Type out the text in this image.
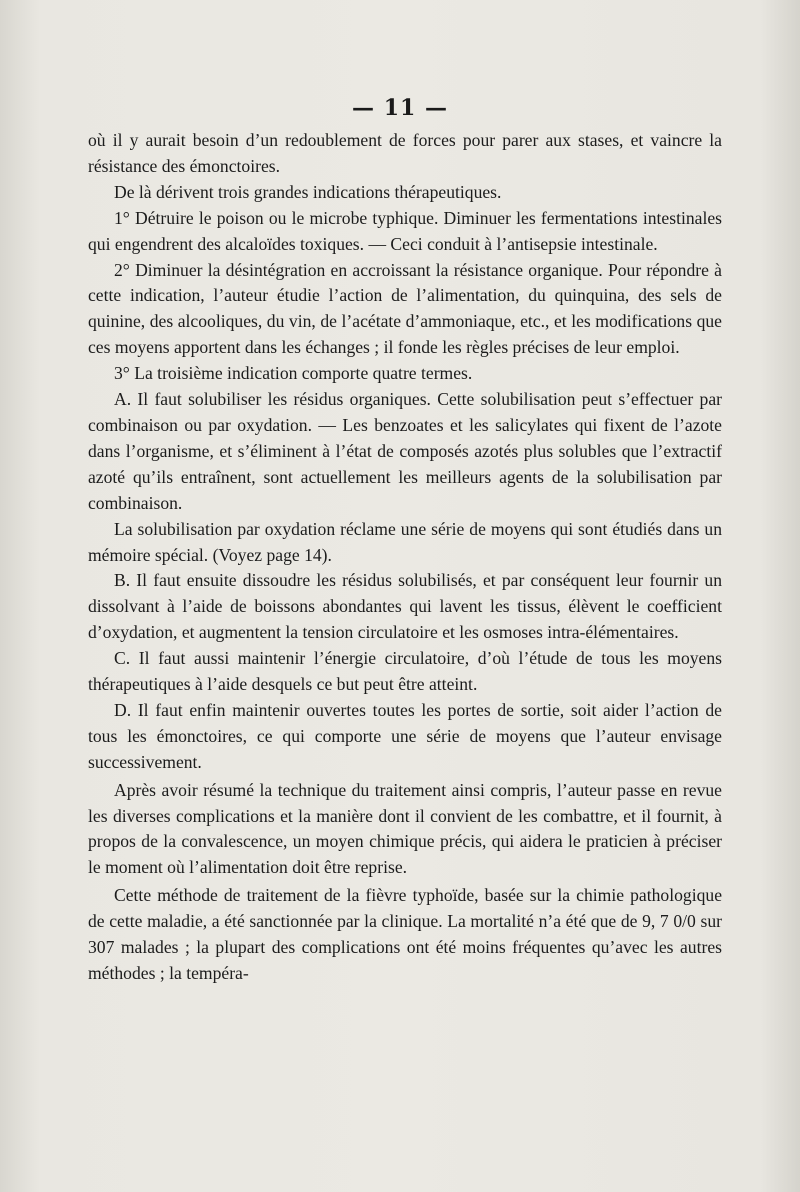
— 11 —

où il y aurait besoin d’un redoublement de forces pour parer aux stases, et vaincre la résistance des émonctoires.

De là dérivent trois grandes indications thérapeutiques.

1° Détruire le poison ou le microbe typhique. Diminuer les fermentations intestinales qui engendrent des alcaloïdes toxiques. — Ceci conduit à l’antisepsie intestinale.

2° Diminuer la désintégration en accroissant la résistance organique. Pour répondre à cette indication, l’auteur étudie l’action de l’alimentation, du quinquina, des sels de quinine, des alcooliques, du vin, de l’acétate d’ammoniaque, etc., et les modifications que ces moyens apportent dans les échanges ; il fonde les règles précises de leur emploi.

3° La troisième indication comporte quatre termes.

A. Il faut solubiliser les résidus organiques. Cette solubilisation peut s’effectuer par combinaison ou par oxydation. — Les benzoates et les salicylates qui fixent de l’azote dans l’organisme, et s’éliminent à l’état de composés azotés plus solubles que l’extractif azoté qu’ils entraînent, sont actuellement les meilleurs agents de la solubilisation par combinaison.

La solubilisation par oxydation réclame une série de moyens qui sont étudiés dans un mémoire spécial. (Voyez page 14).

B. Il faut ensuite dissoudre les résidus solubilisés, et par conséquent leur fournir un dissolvant à l’aide de boissons abondantes qui lavent les tissus, élèvent le coefficient d’oxydation, et augmentent la tension circulatoire et les osmoses intra-élémentaires.

C. Il faut aussi maintenir l’énergie circulatoire, d’où l’étude de tous les moyens thérapeutiques à l’aide desquels ce but peut être atteint.

D. Il faut enfin maintenir ouvertes toutes les portes de sortie, soit aider l’action de tous les émonctoires, ce qui comporte une série de moyens que l’auteur envisage successivement.

Après avoir résumé la technique du traitement ainsi compris, l’auteur passe en revue les diverses complications et la manière dont il convient de les combattre, et il fournit, à propos de la convalescence, un moyen chimique précis, qui aidera le praticien à préciser le moment où l’alimentation doit être reprise.

Cette méthode de traitement de la fièvre typhoïde, basée sur la chimie pathologique de cette maladie, a été sanctionnée par la clinique. La mortalité n’a été que de 9, 7 0/0 sur 307 malades ; la plupart des complications ont été moins fréquentes qu’avec les autres méthodes ; la tempéra-
